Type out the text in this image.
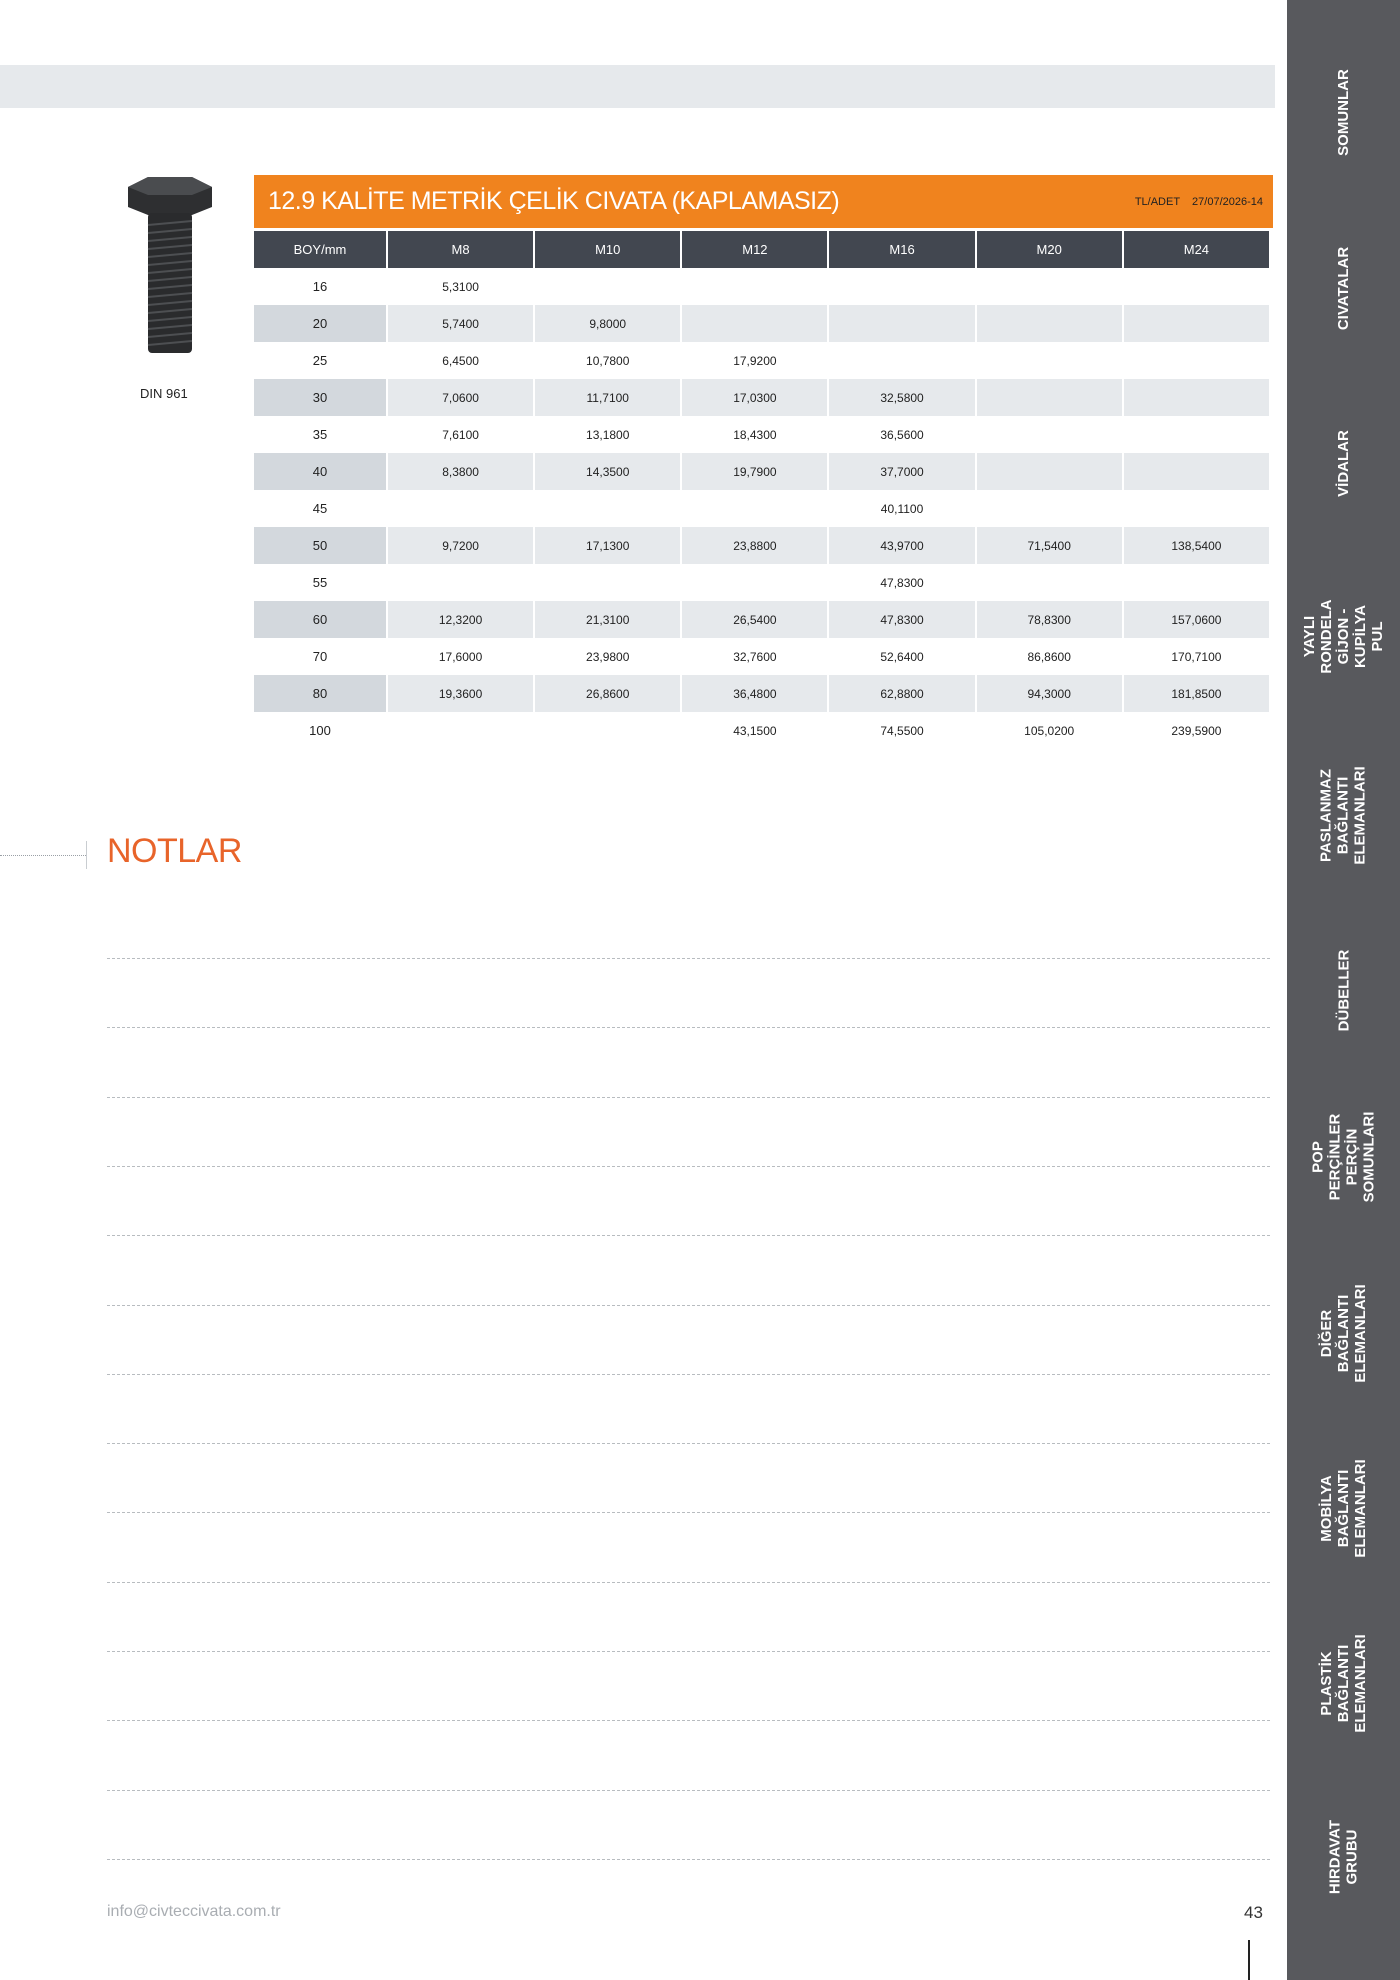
SOMUNLAR
CIVATALAR
VİDALAR
YAYLI RONDELA
GİJON - KUPİLYA
PUL
PASLANMAZ
BAĞLANTI
ELEMANLARI
DÜBELLER
POP PERÇİNLER
PERÇİN SOMUNLARI
DİĞER BAĞLANTI
ELEMANLARI
MOBİLYA BAĞLANTI
ELEMANLARI
PLASTİK BAĞLANTI
ELEMANLARI
HIRDAVAT GRUBU
DIN 961
12.9 KALİTE METRİK ÇELİK CIVATA (KAPLAMASIZ)	TL/ADET 27/07/2026-14
BOY/mm	M8	M10	M12	M16	M20	M24
16	5,3100					
20	5,7400	9,8000				
25	6,4500	10,7800	17,9200			
30	7,0600	11,7100	17,0300	32,5800		
35	7,6100	13,1800	18,4300	36,5600		
40	8,3800	14,3500	19,7900	37,7000		
45				40,1100		
50	9,7200	17,1300	23,8800	43,9700	71,5400	138,5400
55				47,8300		
60	12,3200	21,3100	26,5400	47,8300	78,8300	157,0600
70	17,6000	23,9800	32,7600	52,6400	86,8600	170,7100
80	19,3600	26,8600	36,4800	62,8800	94,3000	181,8500
100			43,1500	74,5500	105,0200	239,5900
NOTLAR
info@civteccivata.com.tr	43
